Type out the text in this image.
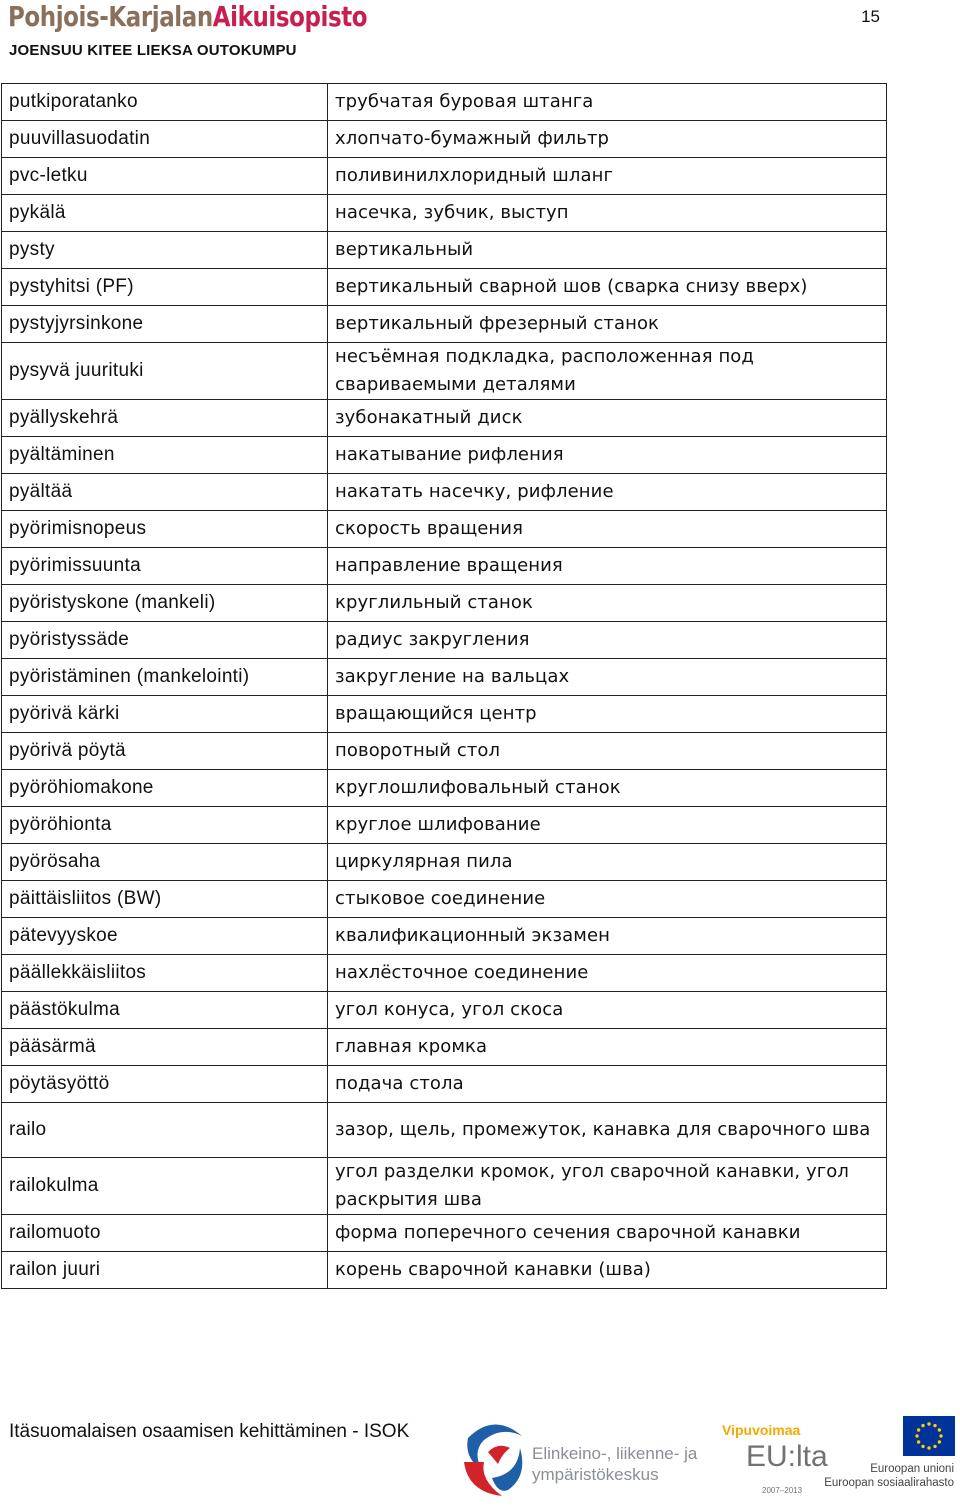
Pohjois-KarjalanAikuisopisto	15
JOENSUU KITEE LIEKSA OUTOKUMPU
putkiporatanko	трубчатая буровая штанга
puuvillasuodatin	хлопчато-бумажный фильтр
pvc-letku	поливинилхлоридный шланг
pykälä	насечка, зубчик, выступ
pysty	вертикальный
pystyhitsi (PF)	вертикальный сварной шов (сварка снизу вверх)
pystyjyrsinkone	вертикальный фрезерный станок
pysyvä juurituki	несъёмная подкладка, расположенная под свариваемыми деталями
pyällyskehrä	зубонакатный диск
pyältäminen	накатывание рифления
pyältää	накатать насечку, рифление
pyörimisnopeus	скорость вращения
pyörimissuunta	направление вращения
pyöristyskone (mankeli)	круглильный станок
pyöristyssäde	радиус закругления
pyöristäminen (mankelointi)	закругление на вальцах
pyörivä kärki	вращающийся центр
pyörivä pöytä	поворотный стол
pyöröhiomakone	круглошлифовальный станок
pyöröhionta	круглое шлифование
pyörösaha	циркулярная пила
päittäisliitos (BW)	стыковое соединение
pätevyyskoe	квалификационный экзамен
päällekkäisliitos	нахлёсточное соединение
päästökulma	угол конуса, угол скоса
pääsärmä	главная кромка
pöytäsyöttö	подача стола
railo	зазор, щель, промежуток, канавка для сварочного шва
railokulma	угол разделки кромок, угол сварочной канавки, угол раскрытия шва
railomuoto	форма поперечного сечения сварочной канавки
railon juuri	корень сварочной канавки (шва)
Itäsuomalaisen osaamisen kehittäminen - ISOK
Elinkeino-, liikenne- ja
ympäristökeskus
Vipuvoimaa
EU:lta
2007–2013
Euroopan unioni
Euroopan sosiaalirahasto
